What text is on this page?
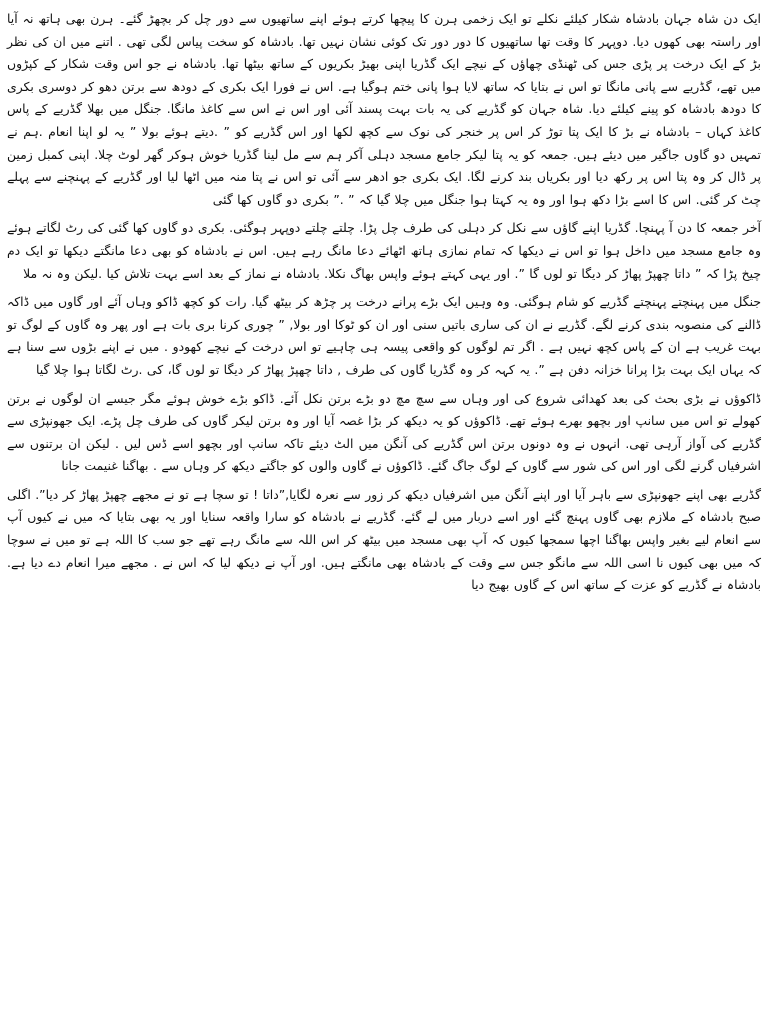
ایک دن شاہ جہان بادشاہ شکار کیلئے نکلے تو ایک زخمی ہرن کا پیچھا کرتے ہوئے اپنے ساتھیوں سے دور چل کر بچھڑ گئے۔ ہرن بھی ہاتھ نہ آیا اور راستہ بھی کھوں دیا. دوپہر کا وقت تھا ساتھیوں کا دور دور تک کوئی نشان نہیں تھا. بادشاہ کو سخت پیاس لگی تھی . اتنے میں ان کی نظر بڑ کے ایک درخت پر پڑی جس کی ٹھنڈی چھاؤں کے نیچے ایک گڈریا اپنی بھیڑ بکریوں کے ساتھ بیٹھا تھا. بادشاہ نے جو اس وقت شکار کے کپڑوں میں تھے، گڈریے سے پانی مانگا تو اس نے بتایا کہ ساتھ لایا ہوا پانی ختم ہوگیا ہے. اس نے فورا ایک بکری کے دودھ سے برتن دھو کر دوسری بکری کا دودھ بادشاہ کو پینے کیلئے دیا. شاہ جہان کو گڈریے کی یہ بات بہت پسند آئی اور اس نے اس سے کاغذ مانگا. جنگل میں بھلا گڈریے کے پاس کاغذ کہاں – بادشاہ نے بڑ کا ایک پتا توڑ کر اس پر خنجر کی نوک سے کچھ لکھا اور اس گڈریے کو ” .دیتے ہوئے بولا ” یہ لو اپنا انعام .ہم نے تمہیں دو گاوں جاگیر میں دیئے ہیں. جمعہ کو یہ پتا لیکر جامع مسجد دہلی آکر ہم سے مل لینا گڈریا خوش ہوکر گھر لوٹ چلا. اپنی کمبل زمین پر ڈال کر وہ پتا اس پر رکھ دیا اور بکریاں بند کرنے لگا. ایک بکری جو ادھر سے آئی تو اس نے پتا منہ میں اٹھا لیا اور گڈریے کے پہنچنے سے پہلے چٹ کر گئی. اس کا اسے بڑا دکھ ہوا اور وہ یہ کہتا ہوا جنگل میں چلا گیا کہ ” .” بکری دو گاوں کھا گئی

آخر جمعہ کا دن آ پہنچا. گڈریا اپنے گاؤں سے نکل کر دہلی کی طرف چل پڑا. چلتے چلتے دوپہر ہوگئی. بکری دو گاوں کھا گئی کی رٹ لگاتے ہوئے وہ جامع مسجد میں داخل ہوا تو اس نے دیکھا کہ تمام نمازی ہاتھ اٹھائے دعا مانگ رہے ہیں. اس نے بادشاہ کو بھی دعا مانگتے دیکھا تو ایک دم چیخ پڑا کہ ” داتا چھپڑ پھاڑ کر دیگا تو لوں گا ”. اور یہی کہتے ہوئے واپس بھاگ نکلا. بادشاہ نے نماز کے بعد اسے بہت تلاش کیا .لیکن وہ نہ ملا

جنگل میں پہنچتے پہنچتے گڈریے کو شام ہوگئی. وہ وہیں ایک بڑے پرانے درخت پر چڑھ کر بیٹھ گیا. رات کو کچھ ڈاکو وہاں آئے اور گاوں میں ڈاکہ ڈالنے کی منصوبہ بندی کرنے لگے. گڈریے نے ان کی ساری باتیں سنی اور ان کو ٹوکا اور بولا, ” چوری کرنا بری بات ہے اور پھر وہ گاوں کے لوگ تو بہت غریب ہے ان کے پاس کچھ نہیں ہے . اگر تم لوگوں کو واقعی پیسہ ہی چاہیے تو اس درخت کے نیچے کھودو . میں نے اپنے بڑوں سے سنا ہے کہ یہاں ایک بہت بڑا پرانا خزانہ دفن ہے ”. یہ کہہ کر وہ گڈریا گاوں کی طرف , داتا چھپڑ پھاڑ کر دیگا تو لوں گا، کی .رٹ لگاتا ہوا چلا گیا

ڈاکوؤں نے بڑی بحث کی بعد کھدائی شروع کی اور وہاں سے سچ مچ دو بڑے برتن نکل آئے. ڈاکو بڑے خوش ہوئے مگر جیسے ان لوگوں نے برتن کھولے تو اس میں سانپ اور بچھو بھرے ہوئے تھے. ڈاکوؤں کو یہ دیکھ کر بڑا غصہ آیا اور وہ برتن لیکر گاوں کی طرف چل پڑے. ایک جھونپڑی سے گڈریے کی آواز آرہی تھی. انہوں نے وہ دونوں برتن اس گڈریے کی آنگن میں الٹ دیئے تاکہ سانپ اور بچھو اسے ڈس لیں . لیکن ان برتنوں سے اشرفیاں گرنے لگی اور اس کی شور سے گاوں کے لوگ جاگ گئے. ڈاکوؤں نے گاوں والوں کو جاگتے دیکھ کر وہاں سے . بھاگنا غنیمت جانا

گڈریے بھی اپنے جھونپڑی سے باہر آیا اور اپنے آنگن میں اشرفیاں دیکھ کر زور سے نعرہ لگایا,”داتا ! تو سچا ہے تو نے مجھے چھپڑ پھاڑ کر دیا”. اگلی صبح بادشاہ کے ملازم بھی گاوں پہنچ گئے اور اسے دربار میں لے گئے. گڈریے نے بادشاہ کو سارا واقعہ سنایا اور یہ بھی بتایا کہ میں نے کیوں آپ سے انعام لیے بغیر واپس بھاگنا اچھا سمجھا کیوں کہ آپ بھی مسجد میں بیٹھ کر اس اللہ سے مانگ رہے تھے جو سب کا اللہ ہے تو میں نے سوچا کہ میں بھی کیوں نا اسی اللہ سے مانگو جس سے وقت کے بادشاہ بھی مانگتے ہیں. اور آپ نے دیکھ لیا کہ اس نے . مجھے میرا انعام دے دیا ہے. بادشاہ نے گڈریے کو عزت کے ساتھ اس کے گاوں بھیج دیا
